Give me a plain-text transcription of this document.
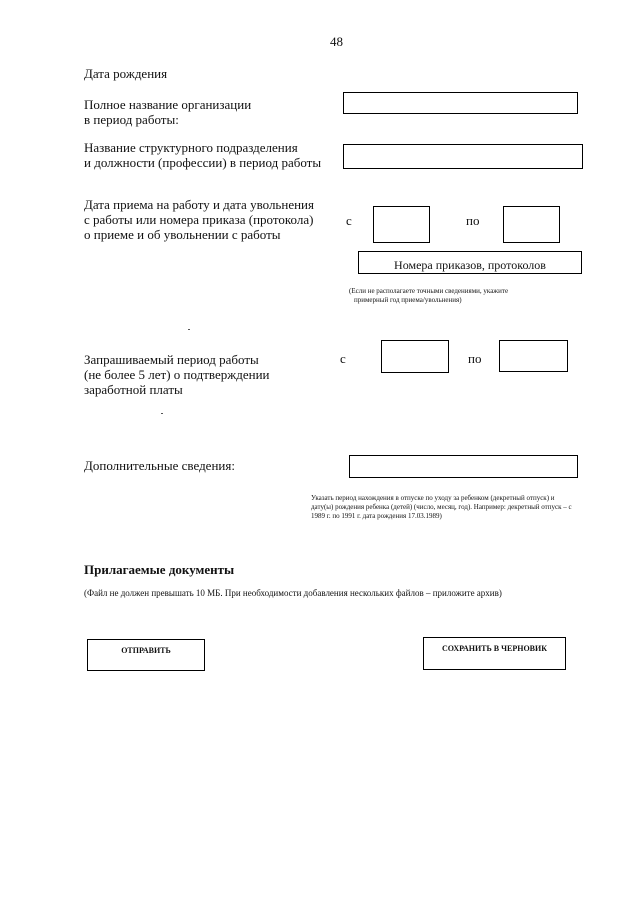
48
Дата рождения
Полное название организации
в период работы:
Название структурного подразделения
и должности (профессии) в период работы
Дата приема на работу и дата увольнения
с работы или номера приказа (протокола)
о приеме и об увольнении с работы
с	по
Номера приказов, протоколов
(Если не располагаете точными сведениями, укажите
примерный год приема/увольнения)
Запрашиваемый период работы
(не более 5 лет) о подтверждении
заработной платы
с	по
Дополнительные сведения:
Указать период нахождения в отпуске по уходу за ребенком (декретный отпуск) и
дату(ы) рождения ребенка (детей) (число, месяц, год). Например: декретный отпуск – с
1989 г. по 1991 г. дата рождения 17.03.1989)
Прилагаемые документы
(Файл не должен превышать 10 МБ. При необходимости добавления нескольких файлов – приложите архив)
ОТПРАВИТЬ	СОХРАНИТЬ В ЧЕРНОВИК
